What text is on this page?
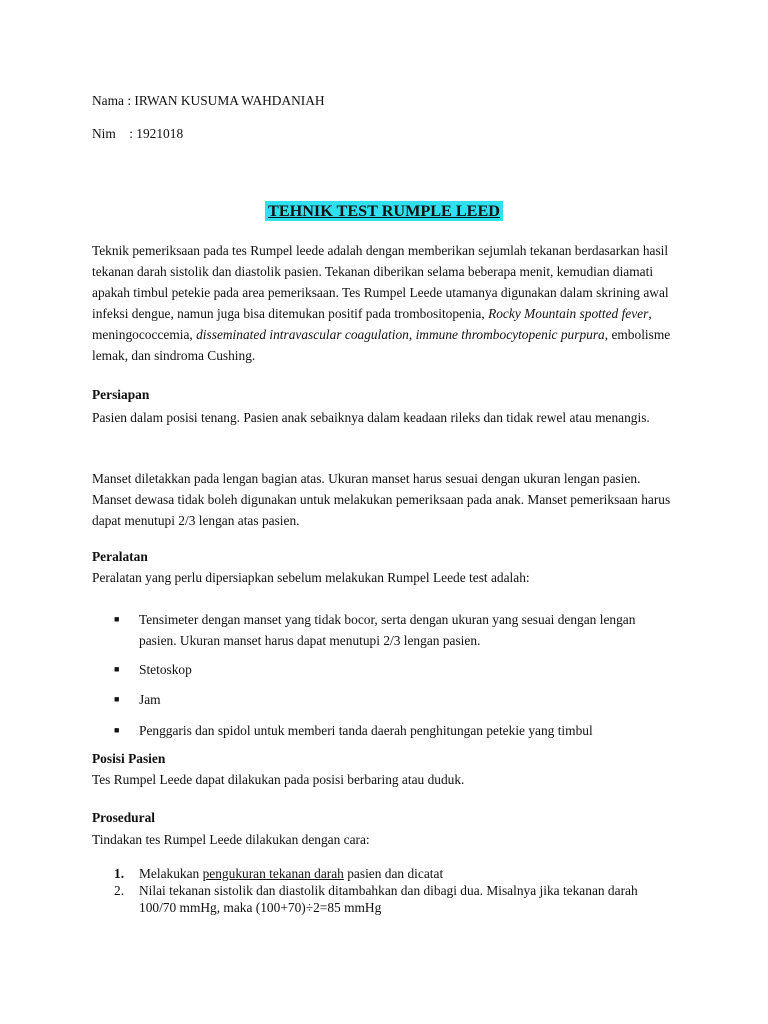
Nama : IRWAN KUSUMA WAHDANIAH
Nim    : 1921018
TEHNIK TEST RUMPLE LEED
Teknik pemeriksaan pada tes Rumpel leede adalah dengan memberikan sejumlah tekanan berdasarkan hasil tekanan darah sistolik dan diastolik pasien. Tekanan diberikan selama beberapa menit, kemudian diamati apakah timbul petekie pada area pemeriksaan. Tes Rumpel Leede utamanya digunakan dalam skrining awal infeksi dengue, namun juga bisa ditemukan positif pada trombositopenia, Rocky Mountain spotted fever, meningococcemia, disseminated intravascular coagulation, immune thrombocytopenic purpura, embolisme lemak, dan sindroma Cushing.
Persiapan
Pasien dalam posisi tenang. Pasien anak sebaiknya dalam keadaan rileks dan tidak rewel atau menangis.
Manset diletakkan pada lengan bagian atas. Ukuran manset harus sesuai dengan ukuran lengan pasien. Manset dewasa tidak boleh digunakan untuk melakukan pemeriksaan pada anak. Manset pemeriksaan harus dapat menutupi 2/3 lengan atas pasien.
Peralatan
Peralatan yang perlu dipersiapkan sebelum melakukan Rumpel Leede test adalah:
■ Tensimeter dengan manset yang tidak bocor, serta dengan ukuran yang sesuai dengan lengan pasien. Ukuran manset harus dapat menutupi 2/3 lengan pasien.
■ Stetoskop
■ Jam
■ Penggaris dan spidol untuk memberi tanda daerah penghitungan petekie yang timbul
Posisi Pasien
Tes Rumpel Leede dapat dilakukan pada posisi berbaring atau duduk.
Prosedural
Tindakan tes Rumpel Leede dilakukan dengan cara:
1. Melakukan pengukuran tekanan darah pasien dan dicatat
2. Nilai tekanan sistolik dan diastolik ditambahkan dan dibagi dua. Misalnya jika tekanan darah 100/70 mmHg, maka (100+70)÷2=85 mmHg
